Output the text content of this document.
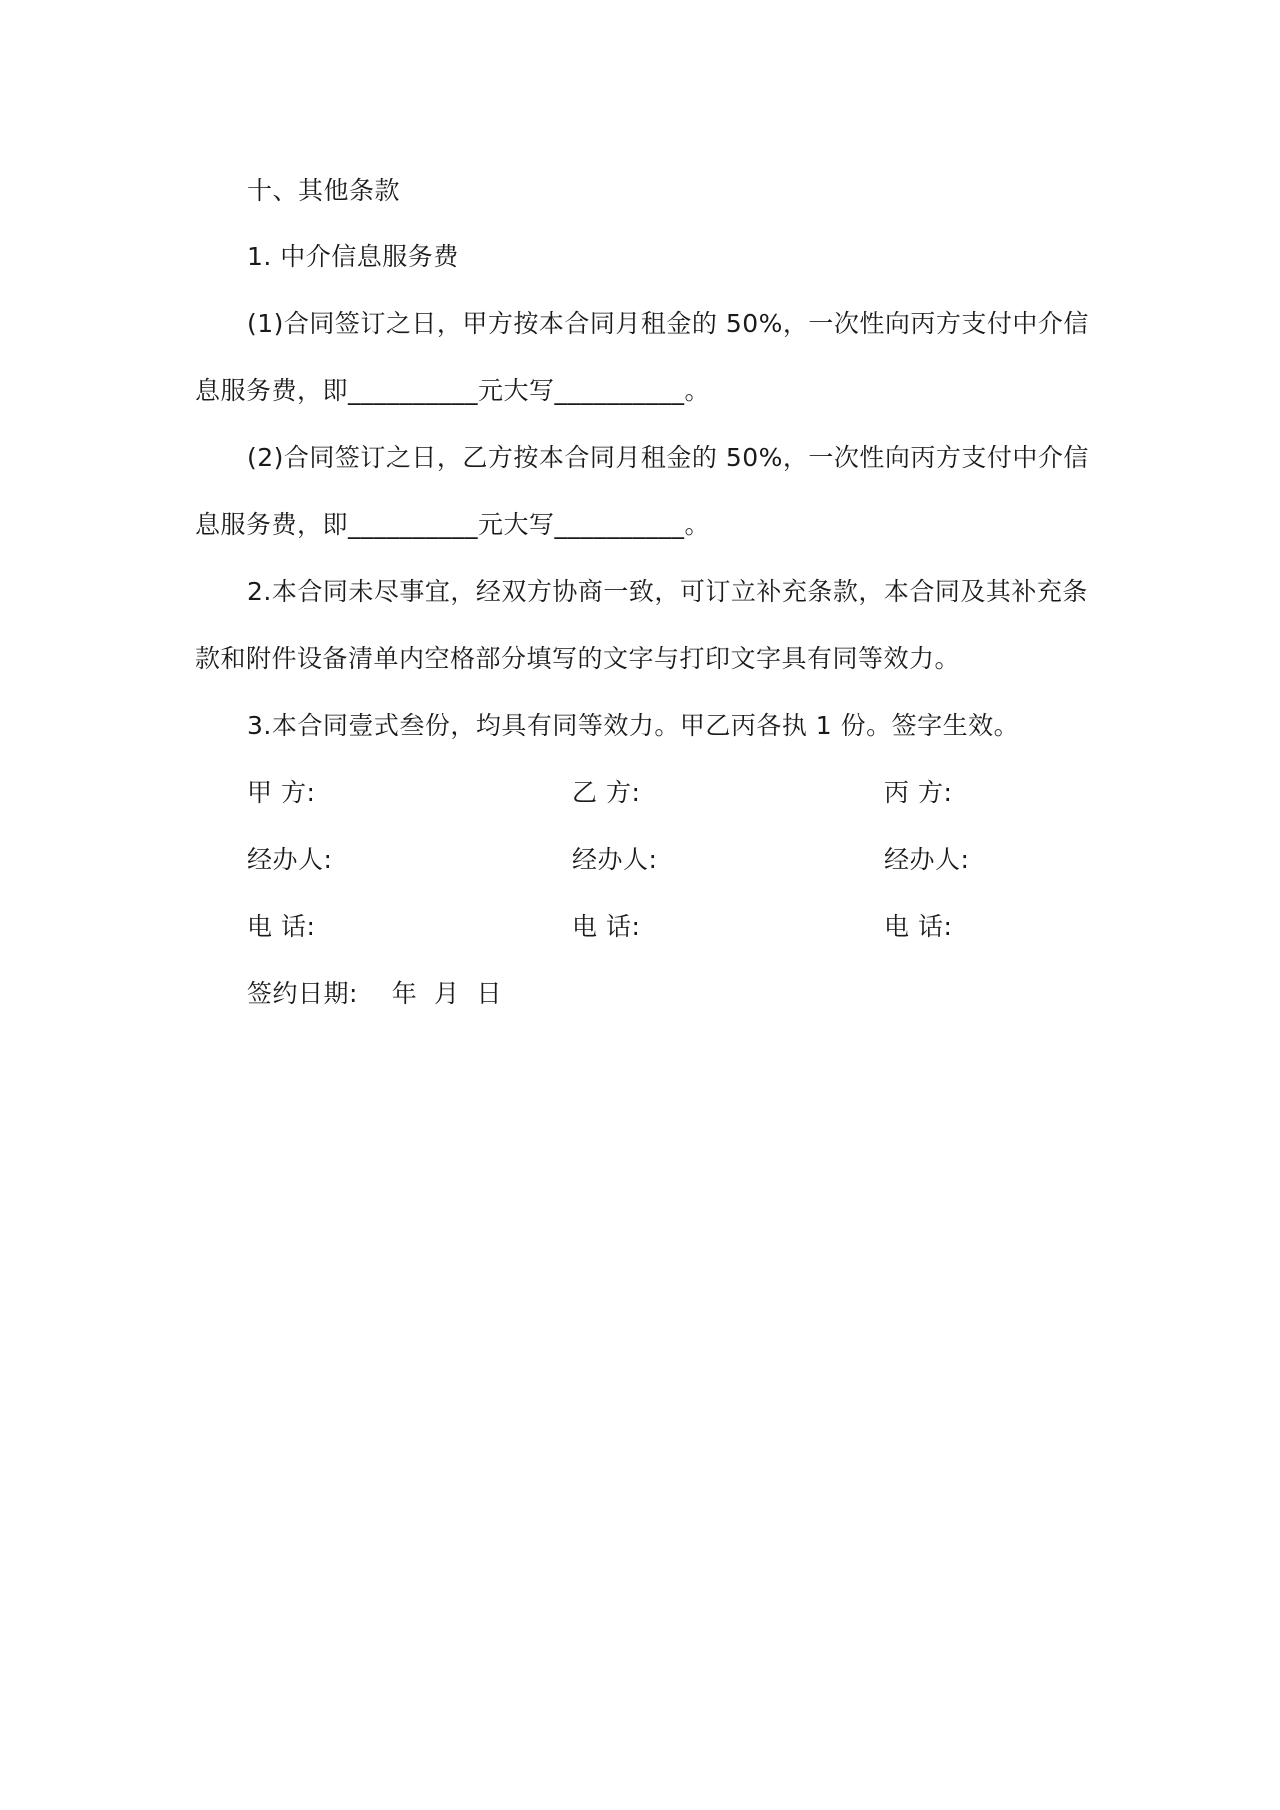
十、其他条款
1. 中介信息服务费
(1)合同签订之日，甲方按本合同月租金的 50%，一次性向丙方支付中介信
息服务费，即__________元大写__________。
(2)合同签订之日，乙方按本合同月租金的 50%，一次性向丙方支付中介信
息服务费，即__________元大写__________。
2.本合同未尽事宜，经双方协商一致，可订立补充条款，本合同及其补充条
款和附件设备清单内空格部分填写的文字与打印文字具有同等效力。
3.本合同壹式叁份，均具有同等效力。甲乙丙各执 1 份。签字生效。
甲 方:	乙 方:	丙 方:
经办人:	经办人:	经办人:
电 话:	电 话:	电 话:
签约日期:    年  月  日
